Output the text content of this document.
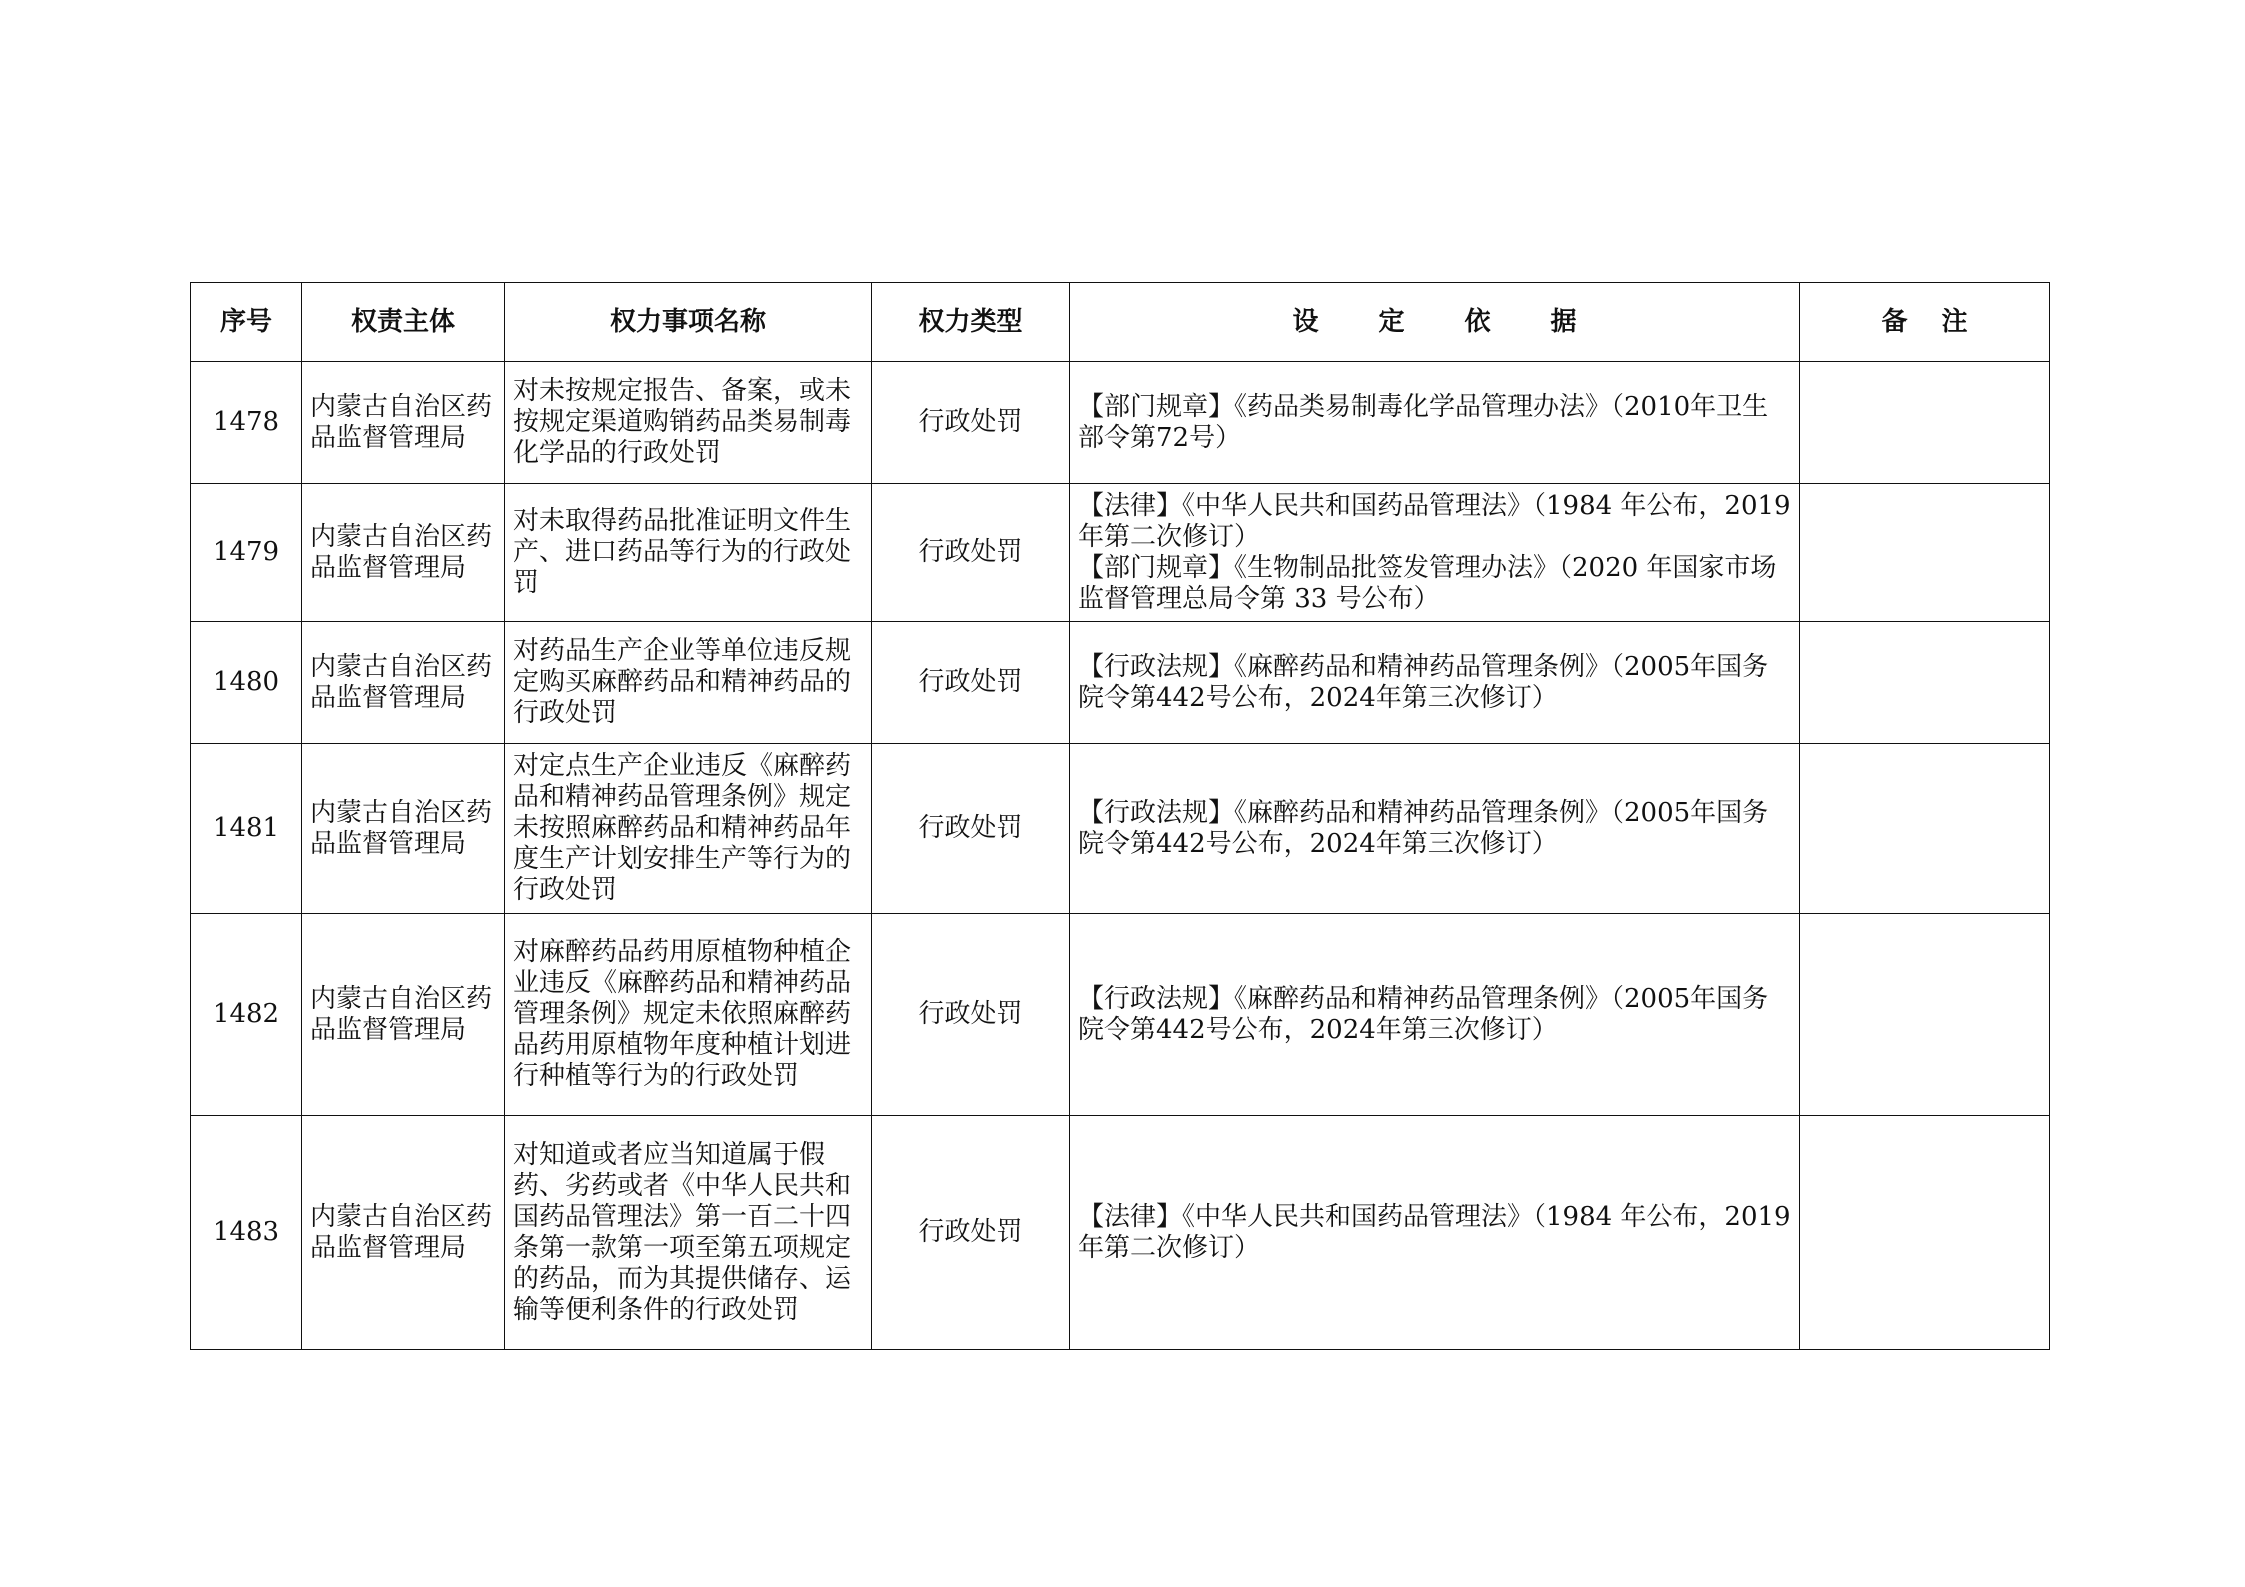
序号	权责主体	权力事项名称	权力类型	设定依据	备注
1478	内蒙古自治区药品监督管理局	对未按规定报告、备案，或未按规定渠道购销药品类易制毒化学品的行政处罚	行政处罚	【部门规章】《药品类易制毒化学品管理办法》（2010年卫生部令第72号）	

1479	内蒙古自治区药品监督管理局	对未取得药品批准证明文件生产、进口药品等行为的行政处罚	行政处罚	【法律】《中华人民共和国药品管理法》（1984 年公布，2019 年第二次修订）
【部门规章】《生物制品批签发管理办法》（2020 年国家市场监督管理总局令第 33 号公布）	

1480	内蒙古自治区药品监督管理局	对药品生产企业等单位违反规定购买麻醉药品和精神药品的行政处罚	行政处罚	【行政法规】《麻醉药品和精神药品管理条例》（2005年国务院令第442号公布，2024年第三次修订）	

1481	内蒙古自治区药品监督管理局	对定点生产企业违反《麻醉药品和精神药品管理条例》规定未按照麻醉药品和精神药品年度生产计划安排生产等行为的行政处罚	行政处罚	【行政法规】《麻醉药品和精神药品管理条例》（2005年国务院令第442号公布，2024年第三次修订）	

1482	内蒙古自治区药品监督管理局	对麻醉药品药用原植物种植企业违反《麻醉药品和精神药品管理条例》规定未依照麻醉药品药用原植物年度种植计划进行种植等行为的行政处罚	行政处罚	【行政法规】《麻醉药品和精神药品管理条例》（2005年国务院令第442号公布，2024年第三次修订）	

1483	内蒙古自治区药品监督管理局	对知道或者应当知道属于假药、劣药或者《中华人民共和国药品管理法》第一百二十四条第一款第一项至第五项规定的药品，而为其提供储存、运输等便利条件的行政处罚	行政处罚	【法律】《中华人民共和国药品管理法》（1984 年公布，2019 年第二次修订）	
